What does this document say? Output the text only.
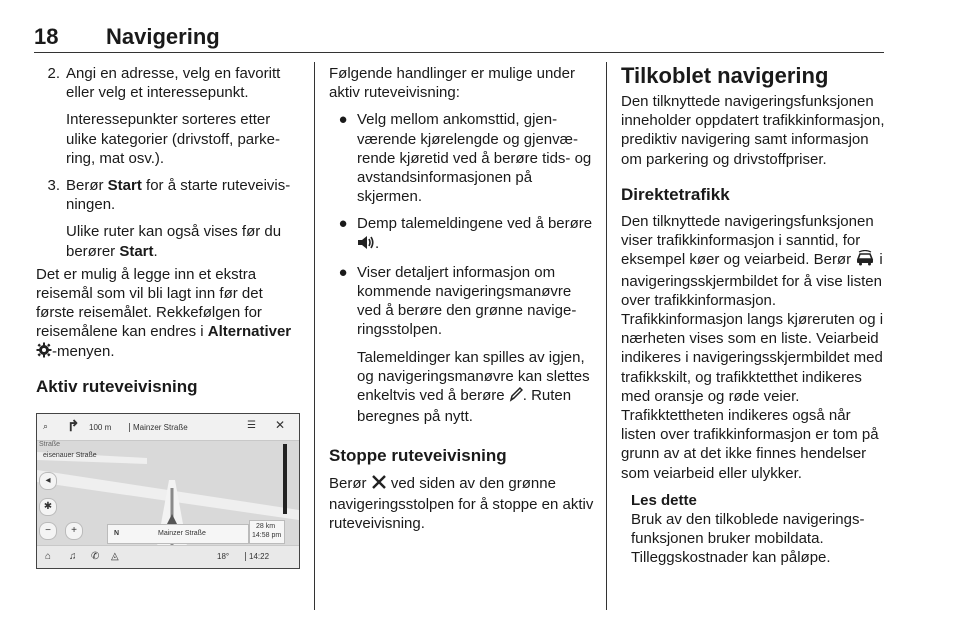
18 Navigering
2. Angi en adresse, velg en favoritt eller velg et interessepunkt.
Interessepunkter sorteres etter ulike kategorier (drivstoff, parkering, mat osv.).
3. Berør Start for å starte ruteveivisningen.
Ulike ruter kan også vises før du berører Start.
Det er mulig å legge inn et ekstra reisemål som vil bli lagt inn før det første reisemålet. Rekkefølgen for reisemålene kan endres i Alternativer -menyen.
Aktiv ruteveivisning
⌕ ↱ 100 m	Mainzer Straße	☰ ✕
Straße
eisenauer Straße
◂
✱
−	+	N	Mainzer Straße
28 km
14:58 pm
⌂ ♫ ✆ ◬	18°	14:22
Følgende handlinger er mulige under aktiv ruteveivisning:
● Velg mellom ankomsttid, gjenværende kjørelengde og gjenværende kjøretid ved å berøre tids- og avstandsinformasjonen på skjermen.
● Demp talemeldingene ved å berøre .
● Viser detaljert informasjon om kommende navigeringsmanøvre ved å berøre den grønne navigeringsstolpen.
Talemeldinger kan spilles av igjen, og navigeringsmanøvre kan slettes enkeltvis ved å berøre . Ruten beregnes på nytt.
Stoppe ruteveivisning
Berør  ved siden av den grønne navigeringsstolpen for å stoppe en aktiv ruteveivisning.
Tilkoblet navigering
Den tilknyttede navigeringsfunksjonen inneholder oppdatert trafikkinformasjon, prediktiv navigering samt informasjon om parkering og drivstoffpriser.
Direktetrafikk
Den tilknyttede navigeringsfunksjonen viser trafikkinformasjon i sanntid, for eksempel køer og veiarbeid. Berør  i navigeringsskjermbildet for å vise listen over trafikkinformasjon. Trafikkinformasjon langs kjøreruten og i nærheten vises som en liste. Veiarbeid indikeres i navigeringsskjermbildet med trafikkskilt, og trafikktetthet indikeres med oransje og røde veier. Trafikktettheten indikeres også når listen over trafikkinformasjon er tom på grunn av at det ikke finnes hendelser som veiarbeid eller ulykker.
Les dette
Bruk av den tilkoblede navigeringsfunksjonen bruker mobildata. Tilleggskostnader kan påløpe.
